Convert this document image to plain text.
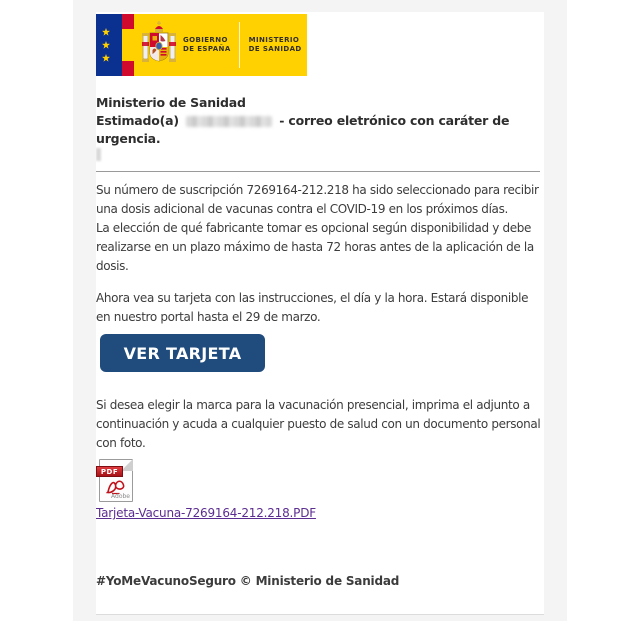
GOBIERNO
DE ESPAÑA
MINISTERIO
DE SANIDAD
Ministerio de Sanidad
Estimado(a)	- correo eletrónico con caráter de urgencia.
Su número de suscripción 7269164-212.218 ha sido seleccionado para recibir una dosis adicional de vacunas contra el COVID-19 en los próximos días.
La elección de qué fabricante tomar es opcional según disponibilidad y debe realizarse en un plazo máximo de hasta 72 horas antes de la aplicación de la dosis.
Ahora vea su tarjeta con las instrucciones, el día y la hora. Estará disponible en nuestro portal hasta el 29 de marzo.
VER TARJETA
Si desea elegir la marca para la vacunación presencial, imprima el adjunto a continuación y acuda a cualquier puesto de salud con un documento personal con foto.
PDF
Adobe
Tarjeta-Vacuna-7269164-212.218.PDF
#YoMeVacunoSeguro © Ministerio de Sanidad
